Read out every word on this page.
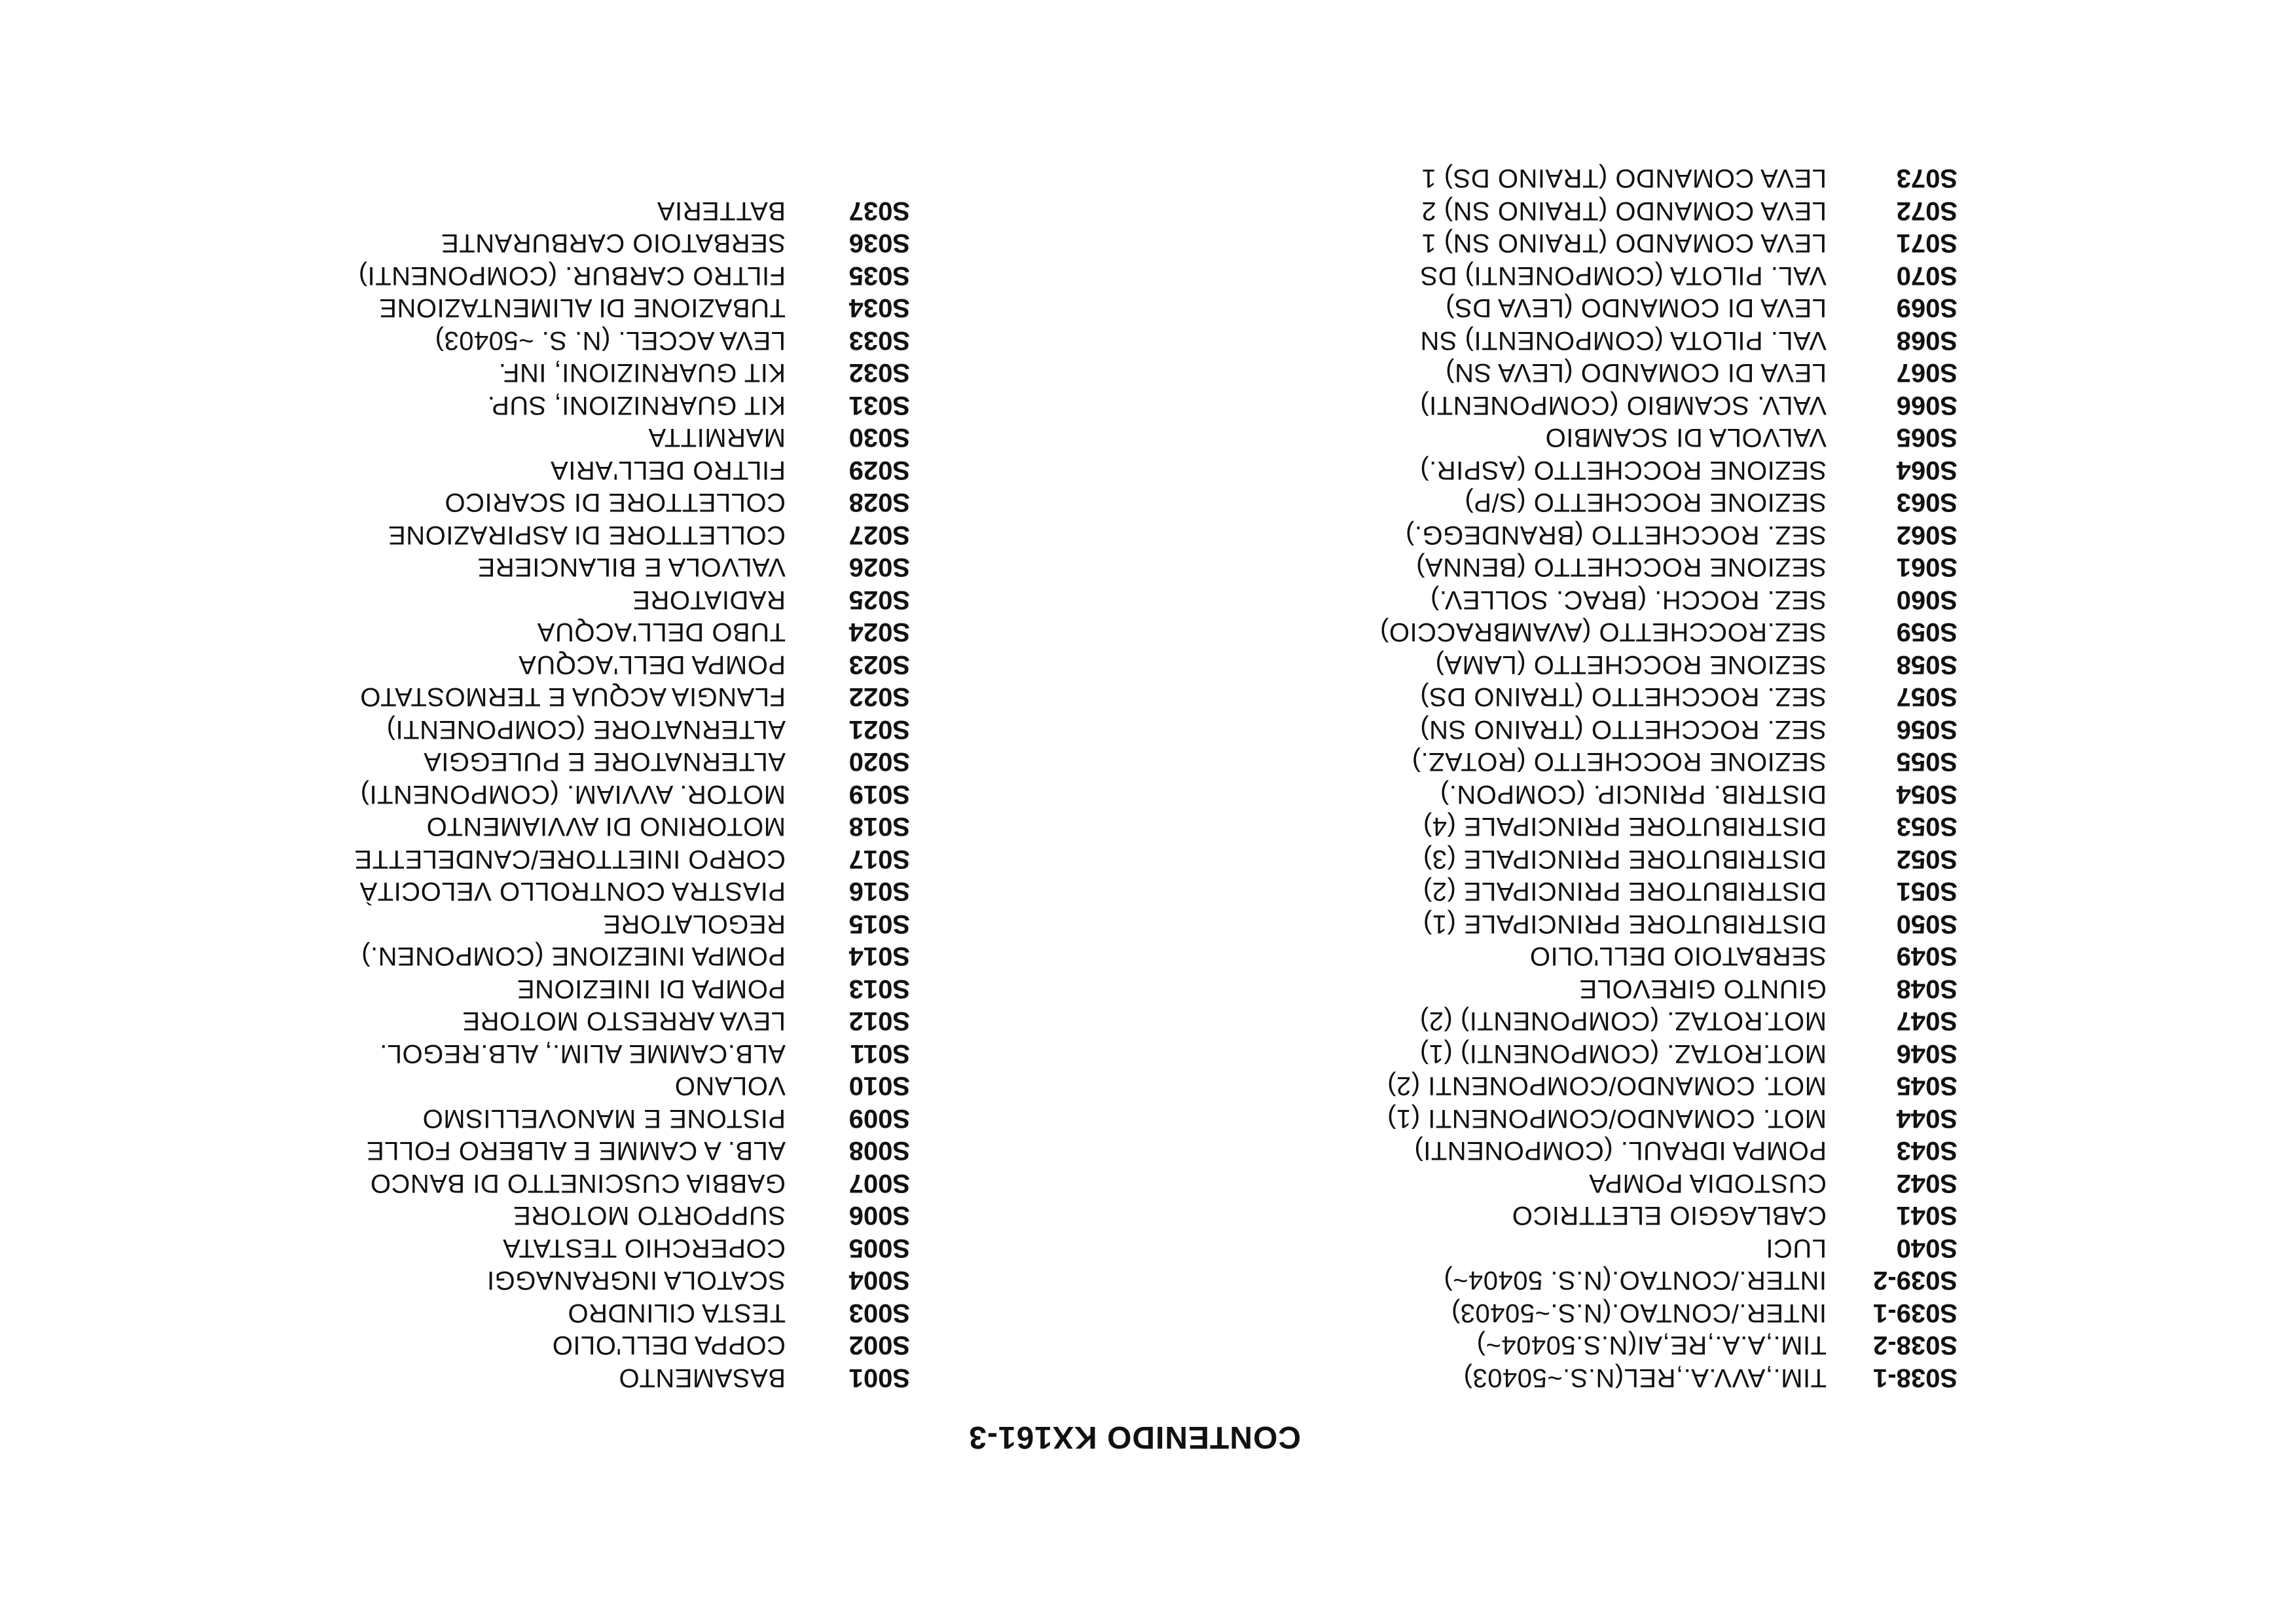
CONTENIDO KX161-3
S001
BASAMENTO
S002
COPPA DELL'OLIO
S003
TESTA CILINDRO
S004
SCATOLA INGRANAGGI
S005
COPERCHIO TESTATA
S006
SUPPORTO MOTORE
S007
GABBIA CUSCINETTO DI BANCO
S008
ALB. A CAMME E ALBERO FOLLE
S009
PISTONE E MANOVELLISMO
S010
VOLANO
S011
ALB.CAMME ALIM., ALB.REGOL.
S012
LEVA ARRESTO MOTORE
S013
POMPA DI INIEZIONE
S014
POMPA INIEZIONE (COMPONEN.)
S015
REGOLATORE
S016
PIASTRA CONTROLLO VELOCITÀ
S017
CORPO INIETTORE/CANDELETTE
S018
MOTORINO DI AVVIAMENTO
S019
MOTOR. AVVIAM. (COMPONENTI)
S020
ALTERNATORE E PULEGGIA
S021
ALTERNATORE (COMPONENTI)
S022
FLANGIA ACQUA E TERMOSTATO
S023
POMPA DELL'ACQUA
S024
TUBO DELL'ACQUA
S025
RADIATORE
S026
VALVOLA E BILANCIERE
S027
COLLETTORE DI ASPIRAZIONE
S028
COLLETTORE DI SCARICO
S029
FILTRO DELL'ARIA
S030
MARMITTA
S031
KIT GUARNIZIONI, SUP.
S032
KIT GUARNIZIONI, INF.
S033
LEVA ACCEL. (N. S. ~50403)
S034
TUBAZIONE DI ALIMENTAZIONE
S035
FILTRO CARBUR. (COMPONENTI)
S036
SERBATOIO CARBURANTE
S037
BATTERIA
S038-1
TIM.,AVV.A.,REL(N.S.~50403)
S038-2
TIM.,A.A.,RE,AI(N.S.50404~)
S039-1
INTER./CONTAO.(N.S.~50403)
S039-2
INTER./CONTAO.(N.S. 50404~)
S040
LUCI
S041
CABLAGGIO ELETTRICO
S042
CUSTODIA POMPA
S043
POMPA IDRAUL. (COMPONENTI)
S044
MOT. COMANDO/COMPONENTI (1)
S045
MOT. COMANDO/COMPONENTI (2)
S046
MOT.ROTAZ. (COMPONENTI) (1)
S047
MOT.ROTAZ. (COMPONENTI) (2)
S048
GIUNTO GIREVOLE
S049
SERBATOIO DELL'OLIO
S050
DISTRIBUTORE PRINCIPALE (1)
S051
DISTRIBUTORE PRINCIPALE (2)
S052
DISTRIBUTORE PRINCIPALE (3)
S053
DISTRIBUTORE PRINCIPALE (4)
S054
DISTRIB. PRINCIP. (COMPON.)
S055
SEZIONE ROCCHETTO (ROTAZ.)
S056
SEZ. ROCCHETTO (TRAINO SN)
S057
SEZ. ROCCHETTO (TRAINO DS)
S058
SEZIONE ROCCHETTO (LAMA)
S059
SEZ.ROCCHETTO (AVAMBRACCIO)
S060
SEZ. ROCCH. (BRAC. SOLLEV.)
S061
SEZIONE ROCCHETTO (BENNA)
S062
SEZ. ROCCHETTO (BRANDEGG.)
S063
SEZIONE ROCCHETTO (S/P)
S064
SEZIONE ROCCHETTO (ASPIR.)
S065
VALVOLA DI SCAMBIO
S066
VALV. SCAMBIO (COMPONENTI)
S067
LEVA DI COMANDO (LEVA SN)
S068
VAL. PILOTA (COMPONENTI) SN
S069
LEVA DI COMANDO (LEVA DS)
S070
VAL. PILOTA (COMPONENTI) DS
S071
LEVA COMANDO (TRAINO SN) 1
S072
LEVA COMANDO (TRAINO SN) 2
S073
LEVA COMANDO (TRAINO DS) 1
